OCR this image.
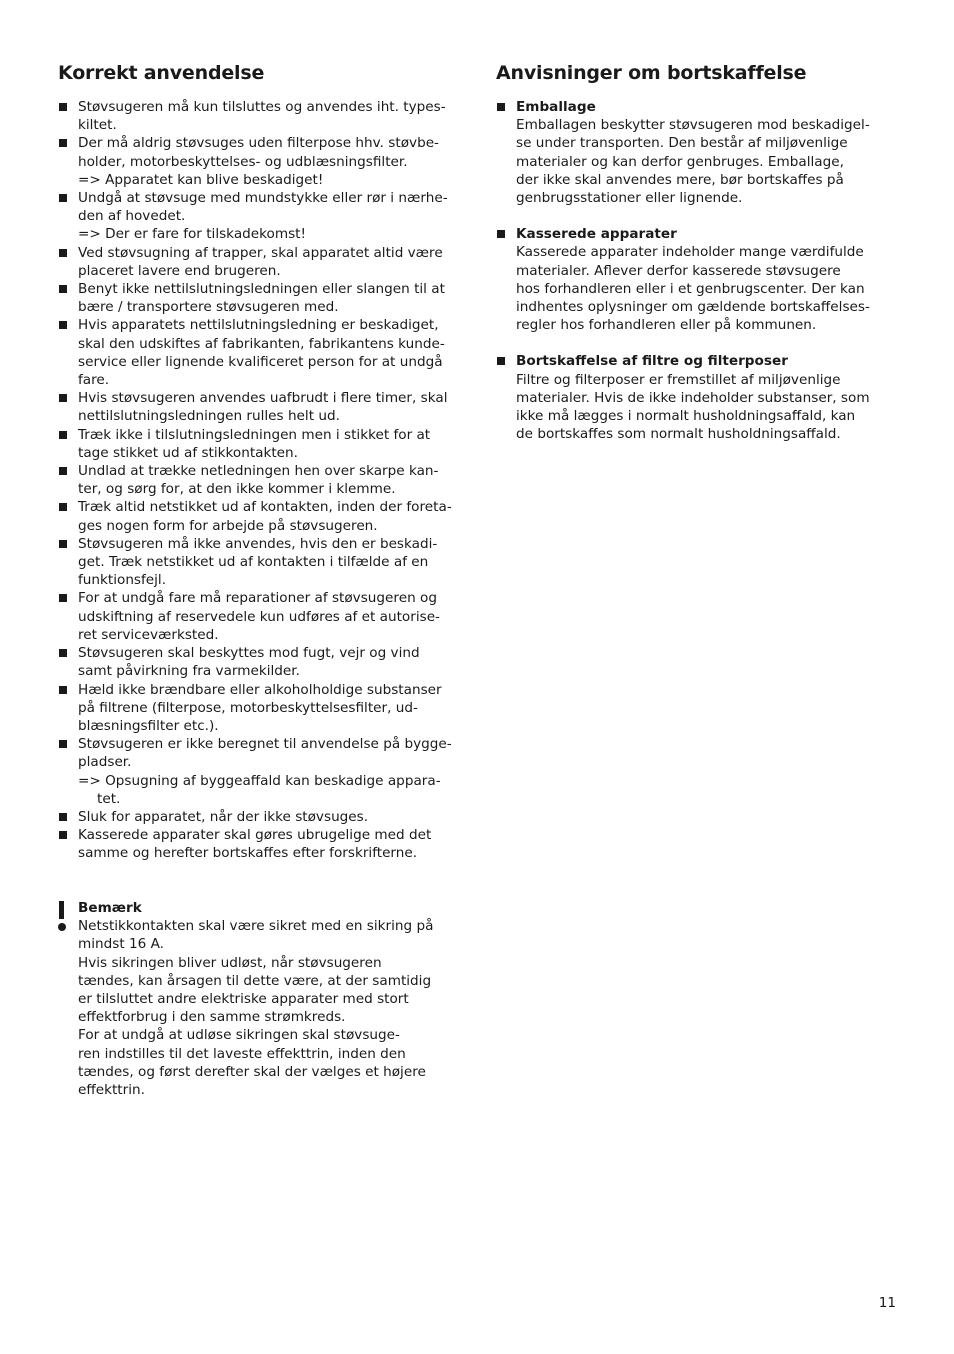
Korrekt anvendelse
Støvsugeren må kun tilsluttes og anvendes iht. types-
kiltet.
Der må aldrig støvsuges uden filterpose hhv. støvbe-
holder, motorbeskyttelses- og udblæsningsfilter.
=> Apparatet kan blive beskadiget!
Undgå at støvsuge med mundstykke eller rør i nærhe-
den af hovedet.
=> Der er fare for tilskadekomst!
Ved støvsugning af trapper, skal apparatet altid være
placeret lavere end brugeren.
Benyt ikke nettilslutningsledningen eller slangen til at
bære / transportere støvsugeren med.
Hvis apparatets nettilslutningsledning er beskadiget,
skal den udskiftes af fabrikanten, fabrikantens kunde-
service eller lignende kvalificeret person for at undgå
fare.
Hvis støvsugeren anvendes uafbrudt i flere timer, skal
nettilslutningsledningen rulles helt ud.
Træk ikke i tilslutningsledningen men i stikket for at
tage stikket ud af stikkontakten.
Undlad at trække netledningen hen over skarpe kan-
ter, og sørg for, at den ikke kommer i klemme.
Træk altid netstikket ud af kontakten, inden der foreta-
ges nogen form for arbejde på støvsugeren.
Støvsugeren må ikke anvendes, hvis den er beskadi-
get. Træk netstikket ud af kontakten i tilfælde af en
funktionsfejl.
For at undgå fare må reparationer af støvsugeren og
udskiftning af reservedele kun udføres af et autorise-
ret serviceværksted.
Støvsugeren skal beskyttes mod fugt, vejr og vind
samt påvirkning fra varmekilder.
Hæld ikke brændbare eller alkoholholdige substanser
på filtrene (filterpose, motorbeskyttelsesfilter, ud-
blæsningsfilter etc.).
Støvsugeren er ikke beregnet til anvendelse på bygge-
pladser.
=> Opsugning af byggeaffald kan beskadige appara-
tet.
Sluk for apparatet, når der ikke støvsuges.
Kasserede apparater skal gøres ubrugelige med det
samme og herefter bortskaffes efter forskrifterne.
Bemærk
Netstikkontakten skal være sikret med en sikring på
mindst 16 A.
Hvis sikringen bliver udløst, når støvsugeren
tændes, kan årsagen til dette være, at der samtidig
er tilsluttet andre elektriske apparater med stort
effektforbrug i den samme strømkreds.
For at undgå at udløse sikringen skal støvsuge-
ren indstilles til det laveste effekttrin, inden den
tændes, og først derefter skal der vælges et højere
effekttrin.
Anvisninger om bortskaffelse
Emballage
Emballagen beskytter støvsugeren mod beskadigel-
se under transporten. Den består af miljøvenlige
materialer og kan derfor genbruges. Emballage,
der ikke skal anvendes mere, bør bortskaffes på
genbrugsstationer eller lignende.
Kasserede apparater
Kasserede apparater indeholder mange værdifulde
materialer. Aflever derfor kasserede støvsugere
hos forhandleren eller i et genbrugscenter. Der kan
indhentes oplysninger om gældende bortskaffelses-
regler hos forhandleren eller på kommunen.
Bortskaffelse af filtre og filterposer
Filtre og filterposer er fremstillet af miljøvenlige
materialer. Hvis de ikke indeholder substanser, som
ikke må lægges i normalt husholdningsaffald, kan
de bortskaffes som normalt husholdningsaffald.
11
